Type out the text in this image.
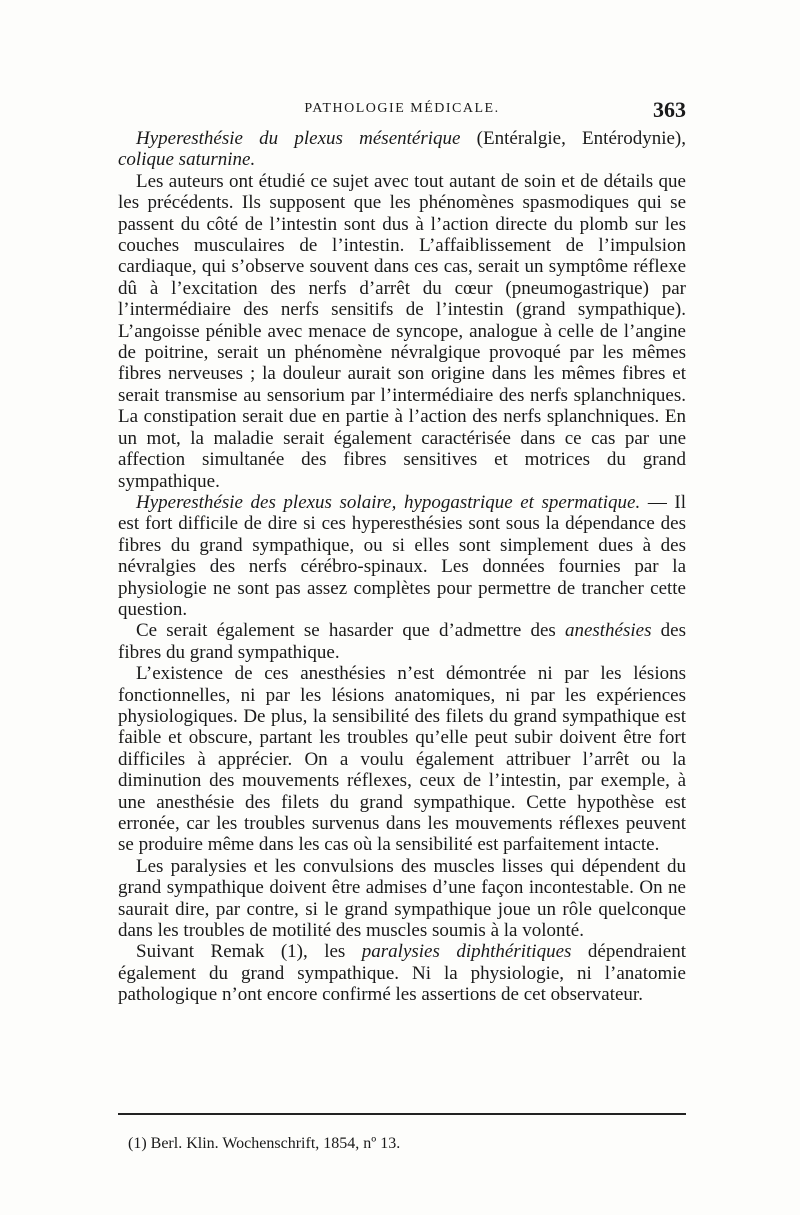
PATHOLOGIE MÉDICALE.	363

Hyperesthésie du plexus mésentérique (Entéralgie, Entérodynie), colique saturnine.

Les auteurs ont étudié ce sujet avec tout autant de soin et de détails que les précédents. Ils supposent que les phénomènes spasmodiques qui se passent du côté de l’intestin sont dus à l’action directe du plomb sur les couches musculaires de l’intestin. L’affaiblissement de l’impulsion cardiaque, qui s’observe souvent dans ces cas, serait un symptôme réflexe dû à l’excitation des nerfs d’arrêt du cœur (pneumogastrique) par l’intermédiaire des nerfs sensitifs de l’intestin (grand sympathique). L’angoisse pénible avec menace de syncope, analogue à celle de l’angine de poitrine, serait un phénomène névralgique provoqué par les mêmes fibres nerveuses ; la douleur aurait son origine dans les mêmes fibres et serait transmise au sensorium par l’intermédiaire des nerfs splanchniques. La constipation serait due en partie à l’action des nerfs splanchniques. En un mot, la maladie serait également caractérisée dans ce cas par une affection simultanée des fibres sensitives et motrices du grand sympathique.

Hyperesthésie des plexus solaire, hypogastrique et spermatique. — Il est fort difficile de dire si ces hyperesthésies sont sous la dépendance des fibres du grand sympathique, ou si elles sont simplement dues à des névralgies des nerfs cérébro-spinaux. Les données fournies par la physiologie ne sont pas assez complètes pour permettre de trancher cette question.

Ce serait également se hasarder que d’admettre des anesthésies des fibres du grand sympathique.

L’existence de ces anesthésies n’est démontrée ni par les lésions fonctionnelles, ni par les lésions anatomiques, ni par les expériences physiologiques. De plus, la sensibilité des filets du grand sympathique est faible et obscure, partant les troubles qu’elle peut subir doivent être fort difficiles à apprécier. On a voulu également attribuer l’arrêt ou la diminution des mouvements réflexes, ceux de l’intestin, par exemple, à une anesthésie des filets du grand sympathique. Cette hypothèse est erronée, car les troubles survenus dans les mouvements réflexes peuvent se produire même dans les cas où la sensibilité est parfaitement intacte.

Les paralysies et les convulsions des muscles lisses qui dépendent du grand sympathique doivent être admises d’une façon incontestable. On ne saurait dire, par contre, si le grand sympathique joue un rôle quelconque dans les troubles de motilité des muscles soumis à la volonté.

Suivant Remak (1), les paralysies diphthéritiques dépendraient également du grand sympathique. Ni la physiologie, ni l’anatomie pathologique n’ont encore confirmé les assertions de cet observateur.

(1) Berl. Klin. Wochenschrift, 1854, nº 13.
